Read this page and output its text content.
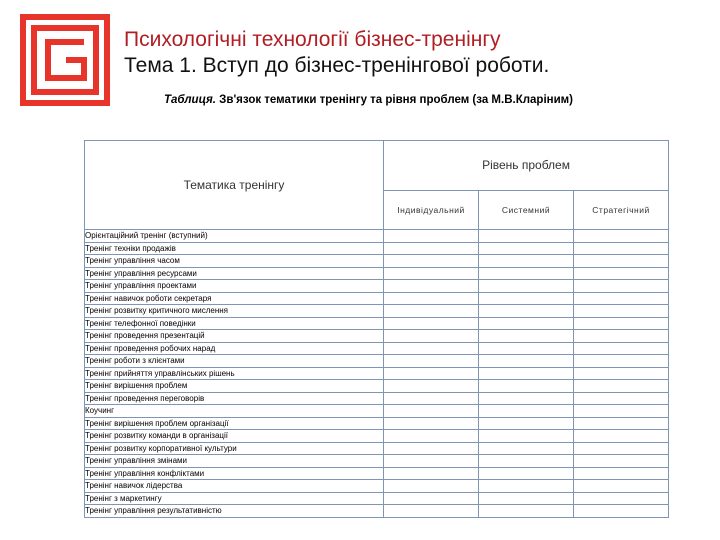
Психологічні технології бізнес-тренінгу
Тема 1. Вступ до бізнес-тренінгової роботи.
Таблиця. Зв'язок тематики тренінгу та рівня проблем (за М.В.Кларіним)
Тематика тренінгу	Рівень проблем		
	Індивідуальний	Системний	Стратегічний
Орієнтаційний тренінг (вступний)			
Тренінг техніки продажів			
Тренінг управління часом			
Тренінг управління ресурсами			
Тренінг управління проектами			
Тренінг навичок роботи секретаря			
Тренінг розвитку критичного мислення			
Тренінг телефонної поведінки			
Тренінг проведення презентацій			
Тренінг проведення робочих нарад			
Тренінг роботи з клієнтами			
Тренінг прийняття управлінських рішень			
Тренінг вирішення проблем			
Тренінг проведення переговорів			
Коучинг			
Тренінг вирішення проблем організації			
Тренінг розвитку команди в організації			
Тренінг розвитку корпоративної культури			
Тренінг управління змінами			
Тренінг управління конфліктами			
Тренінг навичок лідерства			
Тренінг з маркетингу			
Тренінг управління результативністю			
